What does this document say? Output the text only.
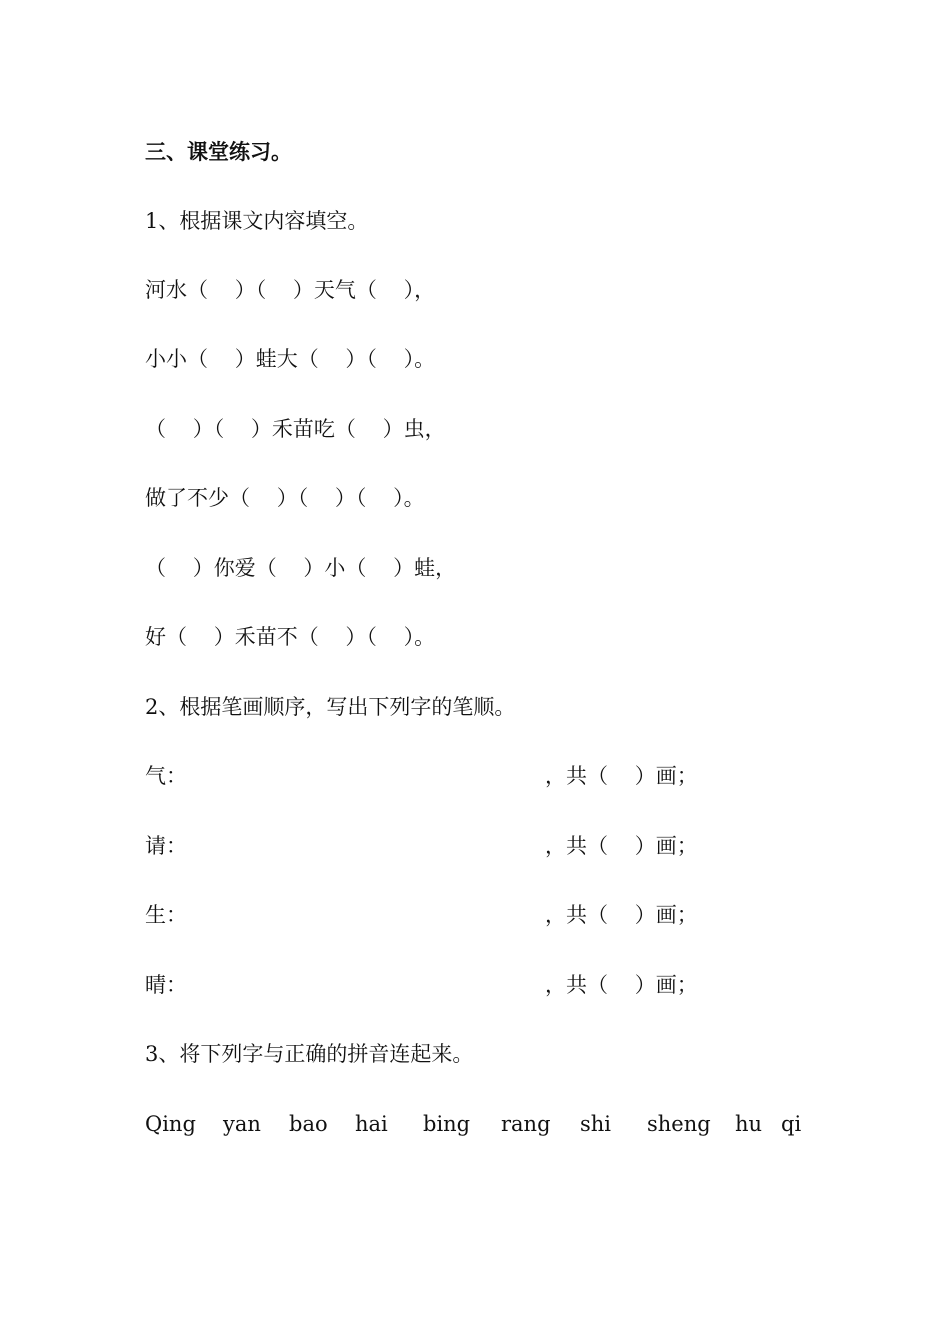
三、课堂练习。
1、根据课文内容填空。
河水（    ）（    ）天气（    ），
小小（    ）蛙大（    ）（    ）。
（    ）（    ）禾苗吃（    ）虫，
做了不少（    ）（    ）（    ）。
（    ）你爱（    ）小（    ）蛙，
好（    ）禾苗不（    ）（    ）。
2、根据笔画顺序，写出下列字的笔顺。
气：	，共（    ）画；
请：	，共（    ）画；
生：	，共（    ）画；
晴：	，共（    ）画；
3、将下列字与正确的拼音连起来。
Qing yan bao hai bing rang shi sheng hu qi
